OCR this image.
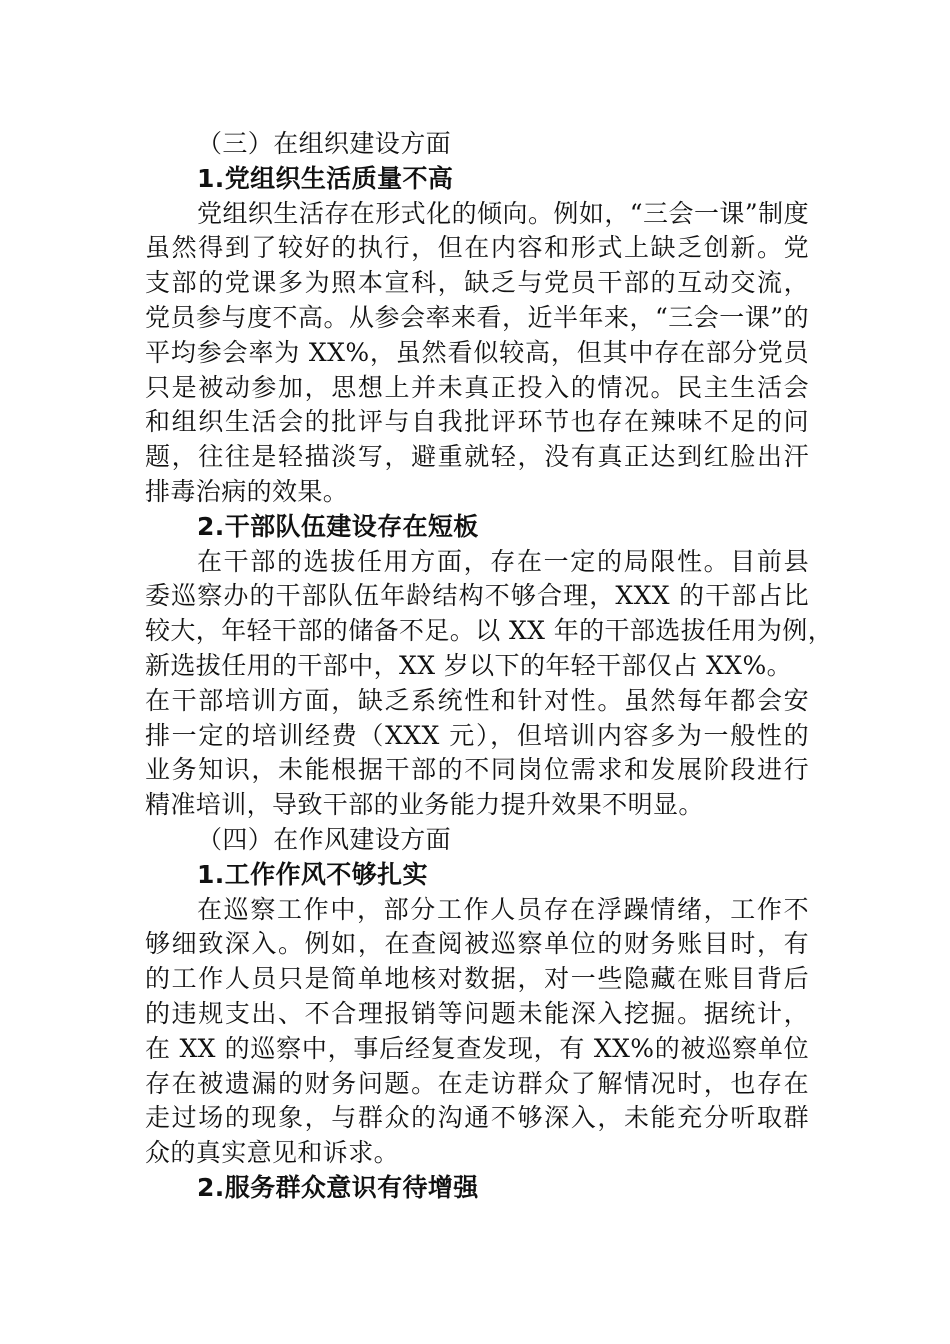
（三）在组织建设方面
1.党组织生活质量不高
党组织生活存在形式化的倾向。例如，“三会一课”制度
虽然得到了较好的执行，但在内容和形式上缺乏创新。党
支部的党课多为照本宣科，缺乏与党员干部的互动交流，
党员参与度不高。从参会率来看，近半年来，“三会一课”的
平均参会率为 XX%，虽然看似较高，但其中存在部分党员
只是被动参加，思想上并未真正投入的情况。民主生活会
和组织生活会的批评与自我批评环节也存在辣味不足的问
题，往往是轻描淡写，避重就轻，没有真正达到红脸出汗
排毒治病的效果。
2.干部队伍建设存在短板
在干部的选拔任用方面，存在一定的局限性。目前县
委巡察办的干部队伍年龄结构不够合理，XXX 的干部占比
较大，年轻干部的储备不足。以 XX 年的干部选拔任用为例，
新选拔任用的干部中，XX 岁以下的年轻干部仅占 XX%。
在干部培训方面，缺乏系统性和针对性。虽然每年都会安
排一定的培训经费（XXX 元），但培训内容多为一般性的
业务知识，未能根据干部的不同岗位需求和发展阶段进行
精准培训，导致干部的业务能力提升效果不明显。
（四）在作风建设方面
1.工作作风不够扎实
在巡察工作中，部分工作人员存在浮躁情绪，工作不
够细致深入。例如，在查阅被巡察单位的财务账目时，有
的工作人员只是简单地核对数据，对一些隐藏在账目背后
的违规支出、不合理报销等问题未能深入挖掘。据统计，
在 XX 的巡察中，事后经复查发现，有 XX%的被巡察单位
存在被遗漏的财务问题。在走访群众了解情况时，也存在
走过场的现象，与群众的沟通不够深入，未能充分听取群
众的真实意见和诉求。
2.服务群众意识有待增强
